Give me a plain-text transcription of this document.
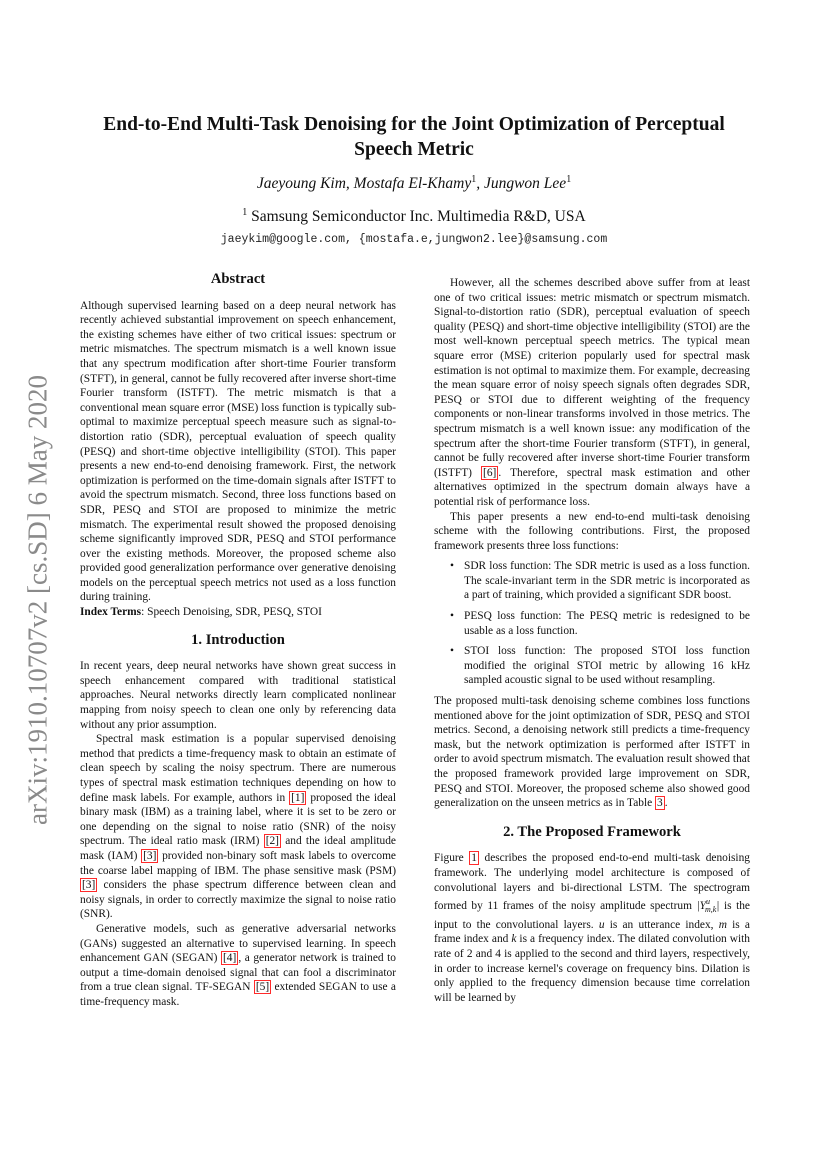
arXiv:1910.10707v2 [cs.SD] 6 May 2020
End-to-End Multi-Task Denoising for the Joint Optimization of Perceptual
Speech Metric
Jaeyoung Kim, Mostafa El-Khamy$^1$, Jungwon Lee$^1$
$^1$ Samsung Semiconductor Inc. Multimedia R&D, USA
jaeykim@google.com, {mostafa.e,jungwon2.lee}@samsung.com
Abstract

Although supervised learning based on a deep neural network has recently achieved substantial improvement on speech enhancement, the existing schemes have either of two critical issues: spectrum or metric mismatches. The spectrum mismatch is a well known issue that any spectrum modification after short-time Fourier transform (STFT), in general, cannot be fully recovered after inverse short-time Fourier transform (ISTFT). The metric mismatch is that a conventional mean square error (MSE) loss function is typically sub-optimal to maximize perceptual speech measure such as signal-to-distortion ratio (SDR), perceptual evaluation of speech quality (PESQ) and short-time objective intelligibility (STOI). This paper presents a new end-to-end denoising framework. First, the network optimization is performed on the time-domain signals after ISTFT to avoid the spectrum mismatch. Second, three loss functions based on SDR, PESQ and STOI are proposed to minimize the metric mismatch. The experimental result showed the proposed denoising scheme significantly improved SDR, PESQ and STOI performance over the existing methods. Moreover, the proposed scheme also provided good generalization performance over generative denoising models on the perceptual speech metrics not used as a loss function during training.

Index Terms: Speech Denoising, SDR, PESQ, STOI

1. Introduction

In recent years, deep neural networks have shown great success in speech enhancement compared with traditional statistical approaches. Neural networks directly learn complicated nonlinear mapping from noisy speech to clean one only by referencing data without any prior assumption.

Spectral mask estimation is a popular supervised denoising method that predicts a time-frequency mask to obtain an estimate of clean speech by scaling the noisy spectrum. There are numerous types of spectral mask estimation techniques depending on how to define mask labels. For example, authors in [1] proposed the ideal binary mask (IBM) as a training label, where it is set to be zero or one depending on the signal to noise ratio (SNR) of the noisy spectrum. The ideal ratio mask (IRM) [2] and the ideal amplitude mask (IAM) [3] provided non-binary soft mask labels to overcome the coarse label mapping of IBM. The phase sensitive mask (PSM) [3] considers the phase spectrum difference between clean and noisy signals, in order to correctly maximize the signal to noise ratio (SNR).

Generative models, such as generative adversarial networks (GANs) suggested an alternative to supervised learning. In speech enhancement GAN (SEGAN) [4] , a generator network is trained to output a time-domain denoised signal that can fool a discriminator from a true clean signal. TF-SEGAN [5] extended SEGAN to use a time-frequency mask.

However, all the schemes described above suffer from at least one of two critical issues: metric mismatch or spectrum mismatch. Signal-to-distortion ratio (SDR), perceptual evaluation of speech quality (PESQ) and short-time objective intelligibility (STOI) are the most well-known perceptual speech metrics. The typical mean square error (MSE) criterion popularly used for spectral mask estimation is not optimal to maximize them. For example, decreasing the mean square error of noisy speech signals often degrades SDR, PESQ or STOI due to different weighting of the frequency components or non-linear transforms involved in those metrics. The spectrum mismatch is a well known issue: any modification of the spectrum after the short-time Fourier transform (STFT), in general, cannot be fully recovered after inverse short-time Fourier transform (ISTFT) [6] . Therefore, spectral mask estimation and other alternatives optimized in the spectrum domain always have a potential risk of performance loss.

This paper presents a new end-to-end multi-task denoising scheme with the following contributions. First, the proposed framework presents three loss functions:

• SDR loss function: The SDR metric is used as a loss function. The scale-invariant term in the SDR metric is incorporated as a part of training, which provided a significant SDR boost.
• PESQ loss function: The PESQ metric is redesigned to be usable as a loss function.
• STOI loss function: The proposed STOI loss function modified the original STOI metric by allowing 16 kHz sampled acoustic signal to be used without resampling.

The proposed multi-task denoising scheme combines loss functions mentioned above for the joint optimization of SDR, PESQ and STOI metrics. Second, a denoising network still predicts a time-frequency mask, but the network optimization is performed after ISTFT in order to avoid spectrum mismatch. The evaluation result showed that the proposed framework provided large improvement on SDR, PESQ and STOI. Moreover, the proposed scheme also showed good generalization on the unseen metrics as in Table 3 .

2. The Proposed Framework

Figure 1 describes the proposed end-to-end multi-task denoising framework. The underlying model architecture is composed of convolutional layers and bi-directional LSTM. The spectrogram formed by 11 frames of the noisy amplitude spectrum $|Y^u_{m,k}|$ is the input to the convolutional layers. u is an utterance index, m is a frame index and k is a frequency index. The dilated convolution with rate of 2 and 4 is applied to the second and third layers, respectively, in order to increase kernel's coverage on frequency bins. Dilation is only applied to the frequency dimension because time correlation will be learned by
